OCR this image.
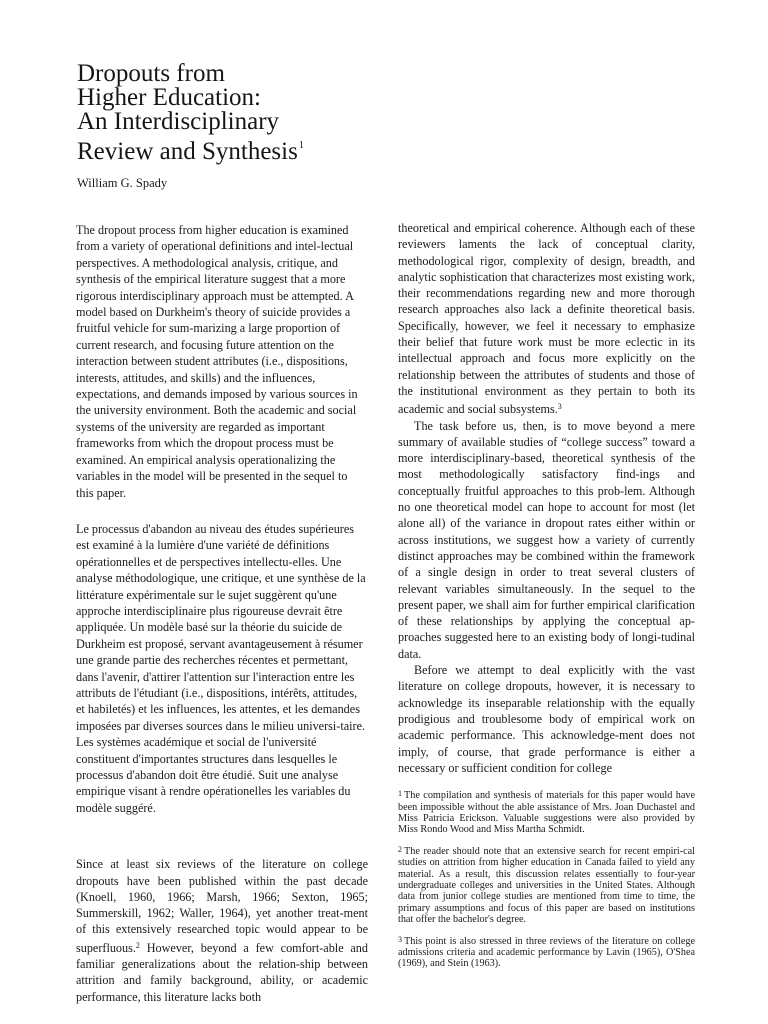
Dropouts from
Higher Education:
An Interdisciplinary
Review and Synthesis$^1$

William G. Spady

The dropout process from higher education is examined from a variety of operational definitions and intel-lectual perspectives. A methodological analysis, critique, and synthesis of the empirical literature suggest that a more rigorous interdisciplinary approach must be attempted. A model based on Durkheim's theory of suicide provides a fruitful vehicle for sum-marizing a large proportion of current research, and focusing future attention on the interaction between student attributes (i.e., dispositions, interests, attitudes, and skills) and the influences, expectations, and demands imposed by various sources in the university environment. Both the academic and social systems of the university are regarded as important frameworks from which the dropout process must be examined. An empirical analysis operationalizing the variables in the model will be presented in the sequel to this paper.

Le processus d'abandon au niveau des études supérieures est examiné à la lumière d'une variété de définitions opérationnelles et de perspectives intellectu-elles. Une analyse méthodologique, une critique, et une synthèse de la littérature expérimentale sur le sujet suggèrent qu'une approche interdisciplinaire plus rigoureuse devrait être appliquée. Un modèle basé sur la théorie du suicide de Durkheim est proposé, servant avantageusement à résumer une grande partie des recherches récentes et permettant, dans l'avenir, d'attirer l'attention sur l'interaction entre les attributs de l'étudiant (i.e., dispositions, intérêts, attitudes, et habiletés) et les influences, les attentes, et les demandes imposées par diverses sources dans le milieu universi-taire. Les systèmes académique et social de l'université constituent d'importantes structures dans lesquelles le processus d'abandon doit être étudié. Suit une analyse empirique visant à rendre opérationelles les variables du modèle suggéré.

Since at least six reviews of the literature on college dropouts have been published within the past decade (Knoell, 1960, 1966; Marsh, 1966; Sexton, 1965; Summerskill, 1962; Waller, 1964), yet another treat-ment of this extensively researched topic would appear to be superfluous.$^2$ However, beyond a few comfort-able and familiar generalizations about the relation-ship between attrition and family background, ability, or academic performance, this literature lacks both

theoretical and empirical coherence. Although each of these reviewers laments the lack of conceptual clarity, methodological rigor, complexity of design, breadth, and analytic sophistication that characterizes most existing work, their recommendations regarding new and more thorough research approaches also lack a definite theoretical basis. Specifically, however, we feel it necessary to emphasize their belief that future work must be more eclectic in its intellectual approach and focus more explicitly on the relationship between the attributes of students and those of the institutional environment as they pertain to both its academic and social subsystems.$^3$

The task before us, then, is to move beyond a mere summary of available studies of “college success” toward a more interdisciplinary-based, theoretical synthesis of the most methodologically satisfactory find-ings and conceptually fruitful approaches to this prob-lem. Although no one theoretical model can hope to account for most (let alone all) of the variance in dropout rates either within or across institutions, we suggest how a variety of currently distinct approaches may be combined within the framework of a single design in order to treat several clusters of relevant variables simultaneously. In the sequel to the present paper, we shall aim for further empirical clarification of these relationships by applying the conceptual ap-proaches suggested here to an existing body of longi-tudinal data.

Before we attempt to deal explicitly with the vast literature on college dropouts, however, it is necessary to acknowledge its inseparable relationship with the equally prodigious and troublesome body of empirical work on academic performance. This acknowledge-ment does not imply, of course, that grade performance is either a necessary or sufficient condition for college

1 The compilation and synthesis of materials for this paper would have been impossible without the able assistance of Mrs. Joan Duchastel and Miss Patricia Erickson. Valuable suggestions were also provided by Miss Rondo Wood and Miss Martha Schmidt.

2 The reader should note that an extensive search for recent empiri-cal studies on attrition from higher education in Canada failed to yield any material. As a result, this discussion relates essentially to four-year undergraduate colleges and universities in the United States. Although data from junior college studies are mentioned from time to time, the primary assumptions and focus of this paper are based on institutions that offer the bachelor's degree.

3 This point is also stressed in three reviews of the literature on college admissions criteria and academic performance by Lavin (1965), O'Shea (1969), and Stein (1963).
